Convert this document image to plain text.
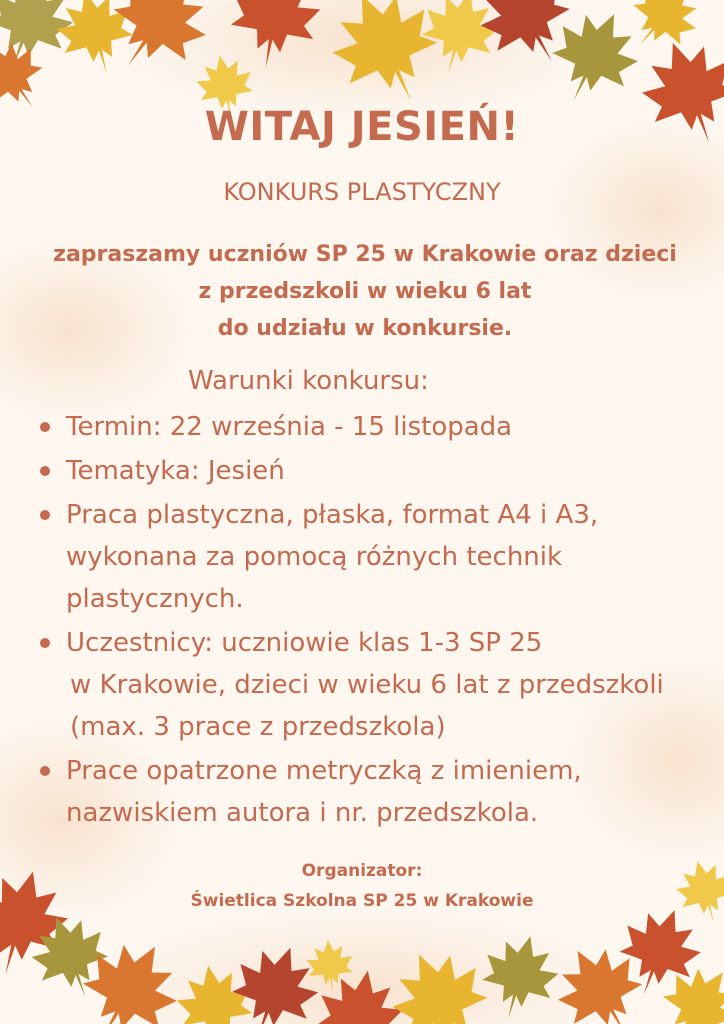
WITAJ JESIEŃ!
KONKURS PLASTYCZNY
zapraszamy uczniów SP 25 w Krakowie oraz dzieci
z przedszkoli w wieku 6 lat
do udziału w konkursie.
Warunki konkursu:
Termin: 22 września - 15 listopada
Tematyka: Jesień
Praca plastyczna, płaska, format A4 i A3,
wykonana za pomocą różnych technik
plastycznych.
Uczestnicy: uczniowie klas 1-3 SP 25
w Krakowie, dzieci w wieku 6 lat z przedszkoli
(max. 3 prace z przedszkola)
Prace opatrzone metryczką z imieniem,
nazwiskiem autora i nr. przedszkola.
Organizator:
Świetlica Szkolna SP 25 w Krakowie
